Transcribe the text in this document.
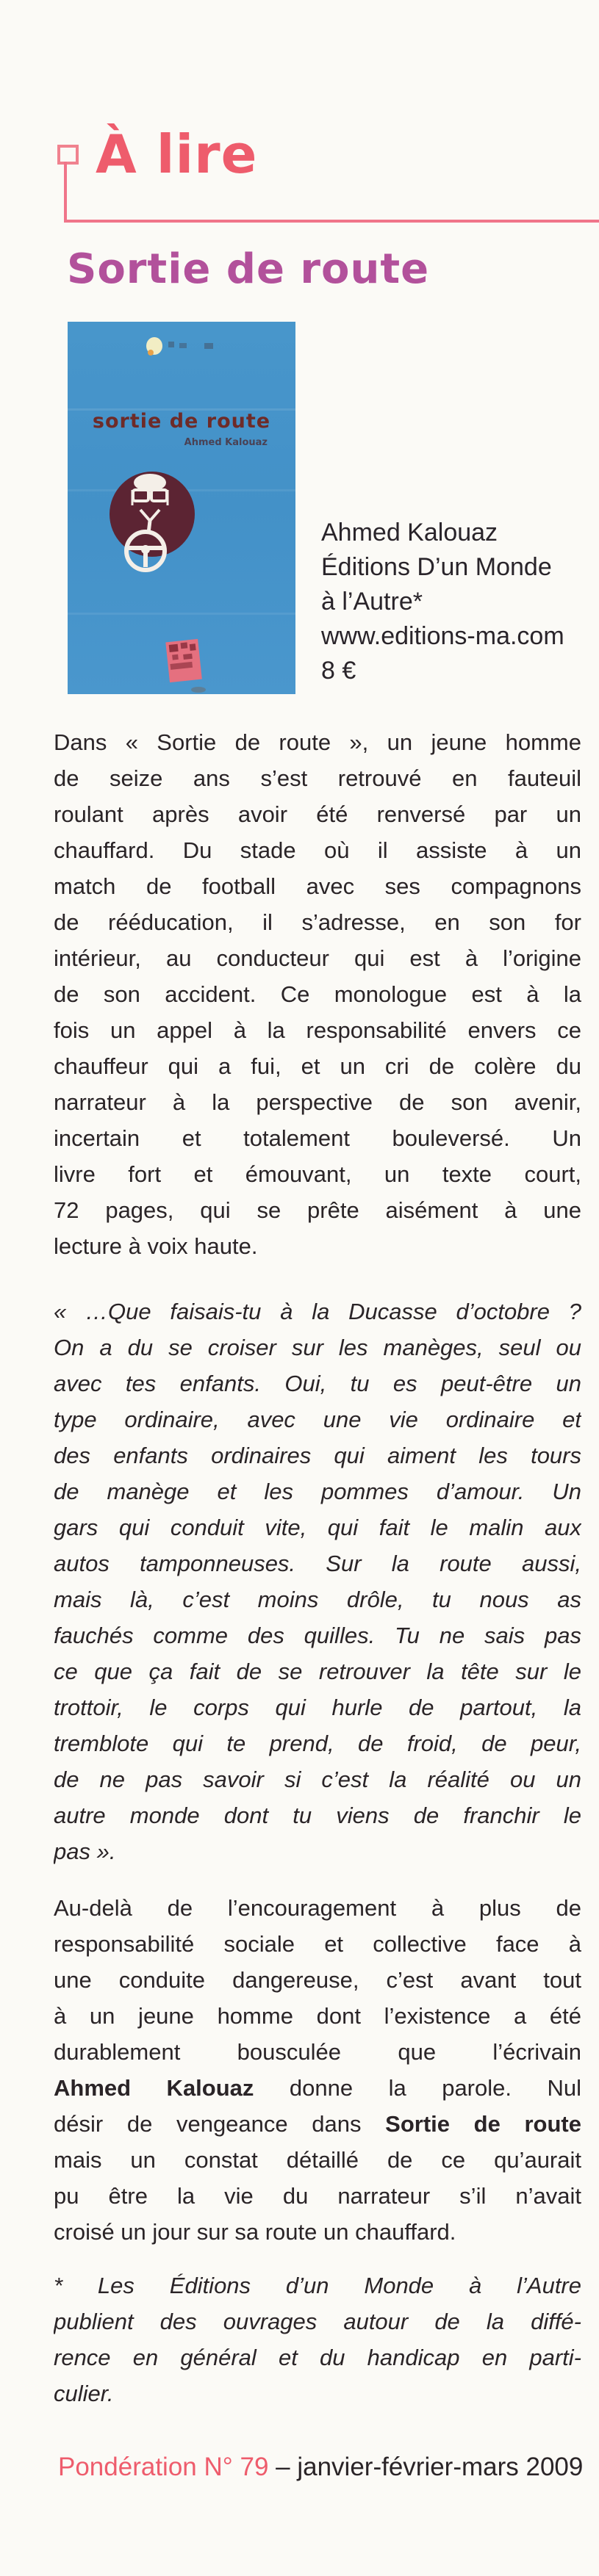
À lire
Sortie de route
sortie de route
Ahmed Kalouaz
Ahmed Kalouaz
Éditions D’un Monde
à l’Autre*
www.editions-ma.com
8 €
Dans « Sortie de route », un jeune homme
de seize ans s’est retrouvé en fauteuil
roulant après avoir été renversé par un
chauffard. Du stade où il assiste à un
match de football avec ses compagnons
de rééducation, il s’adresse, en son for
intérieur, au conducteur qui est à l’origine
de son accident. Ce monologue est à la
fois un appel à la responsabilité envers ce
chauffeur qui a fui, et un cri de colère du
narrateur à la perspective de son avenir,
incertain et totalement bouleversé. Un
livre fort et émouvant, un texte court,
72 pages, qui se prête aisément à une
lecture à voix haute.
« …Que faisais-tu à la Ducasse d’octobre ?
On a du se croiser sur les manèges, seul ou
avec tes enfants. Oui, tu es peut-être un
type ordinaire, avec une vie ordinaire et
des enfants ordinaires qui aiment les tours
de manège et les pommes d’amour. Un
gars qui conduit vite, qui fait le malin aux
autos tamponneuses. Sur la route aussi,
mais là, c’est moins drôle, tu nous as
fauchés comme des quilles. Tu ne sais pas
ce que ça fait de se retrouver la tête sur le
trottoir, le corps qui hurle de partout, la
tremblote qui te prend, de froid, de peur,
de ne pas savoir si c’est la réalité ou un
autre monde dont tu viens de franchir le
pas ».
Au-delà de l’encouragement à plus de
responsabilité sociale et collective face à
une conduite dangereuse, c’est avant tout
à un jeune homme dont l’existence a été
durablement bousculée que l’écrivain
Ahmed Kalouaz donne la parole. Nul
désir de vengeance dans Sortie de route
mais un constat détaillé de ce qu’aurait
pu être la vie du narrateur s’il n’avait
croisé un jour sur sa route un chauffard.
* Les Éditions d’un Monde à l’Autre
publient des ouvrages autour de la diffé-
rence en général et du handicap en parti-
culier.
Pondération N° 79 – janvier-février-mars 2009
